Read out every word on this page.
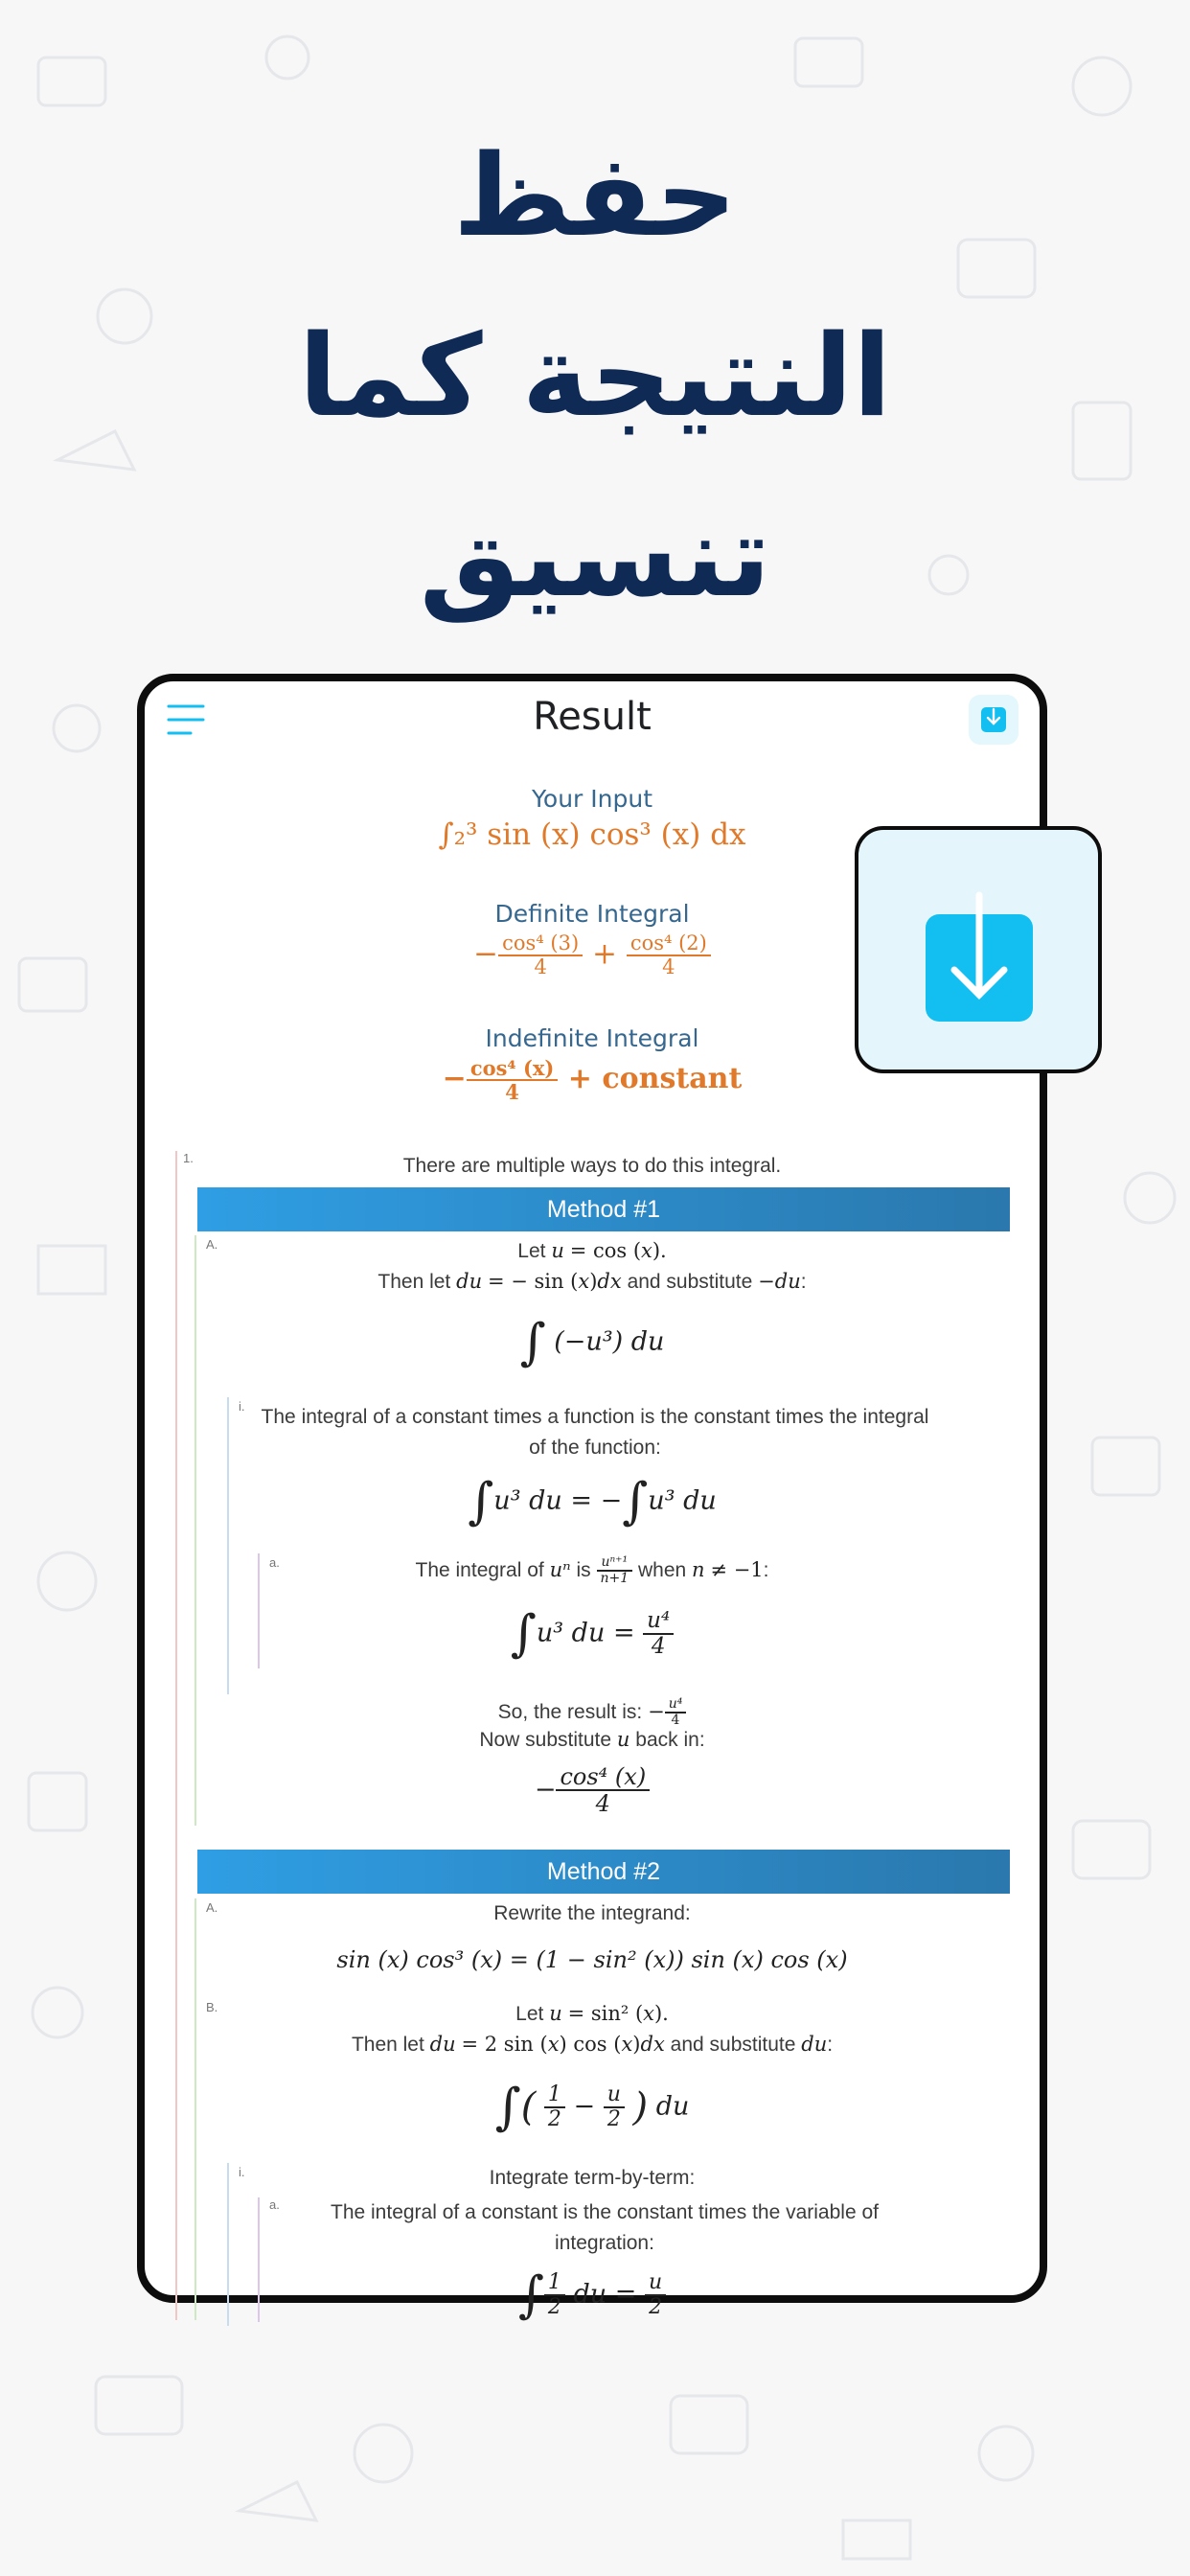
حفظ
النتيجة كما
تنسيق
Result
Your Input
∫₂³ sin (x) cos³ (x) dx
Definite Integral
− $\frac{\text{cos⁴ (3)}}{4} + \frac{\text{cos⁴ (2)}}{4}$
Indefinite Integral
− $\frac{\text{cos⁴ (x)}}{4}$ + constant
1.	There are multiple ways to do this integral.
Method #1
A.	Let u = cos (x).
Then let du = − sin (x)dx and substitute −du:
∫ (−u³) du
i. The integral of a constant times a function is the constant times the integral of the function:
∫u³ du = −∫u³ du
a.	The integral of uⁿ is $\frac{\text{uⁿ⁺¹}}{n+1}$ when n ≠ −1:
∫u³ du = $\frac{\text{u⁴}}{4}$
So, the result is: − $\frac{\text{u⁴}}{4}$
Now substitute u back in:
− $\frac{\text{cos⁴ (x)}}{4}$
Method #2
A.	Rewrite the integrand:
sin (x) cos³ (x) = (1 − sin² (x)) sin (x) cos (x)
B.	Let u = sin² (x).
Then let du = 2 sin (x) cos (x)dx and substitute du:
∫( $\frac{1}{2} - \frac{u}{2}$ ) du
i.	Integrate term-by-term:
a.	The integral of a constant is the constant times the variable of integration:
∫ $\frac{1}{2}$ du = $\frac{u}{2}$
